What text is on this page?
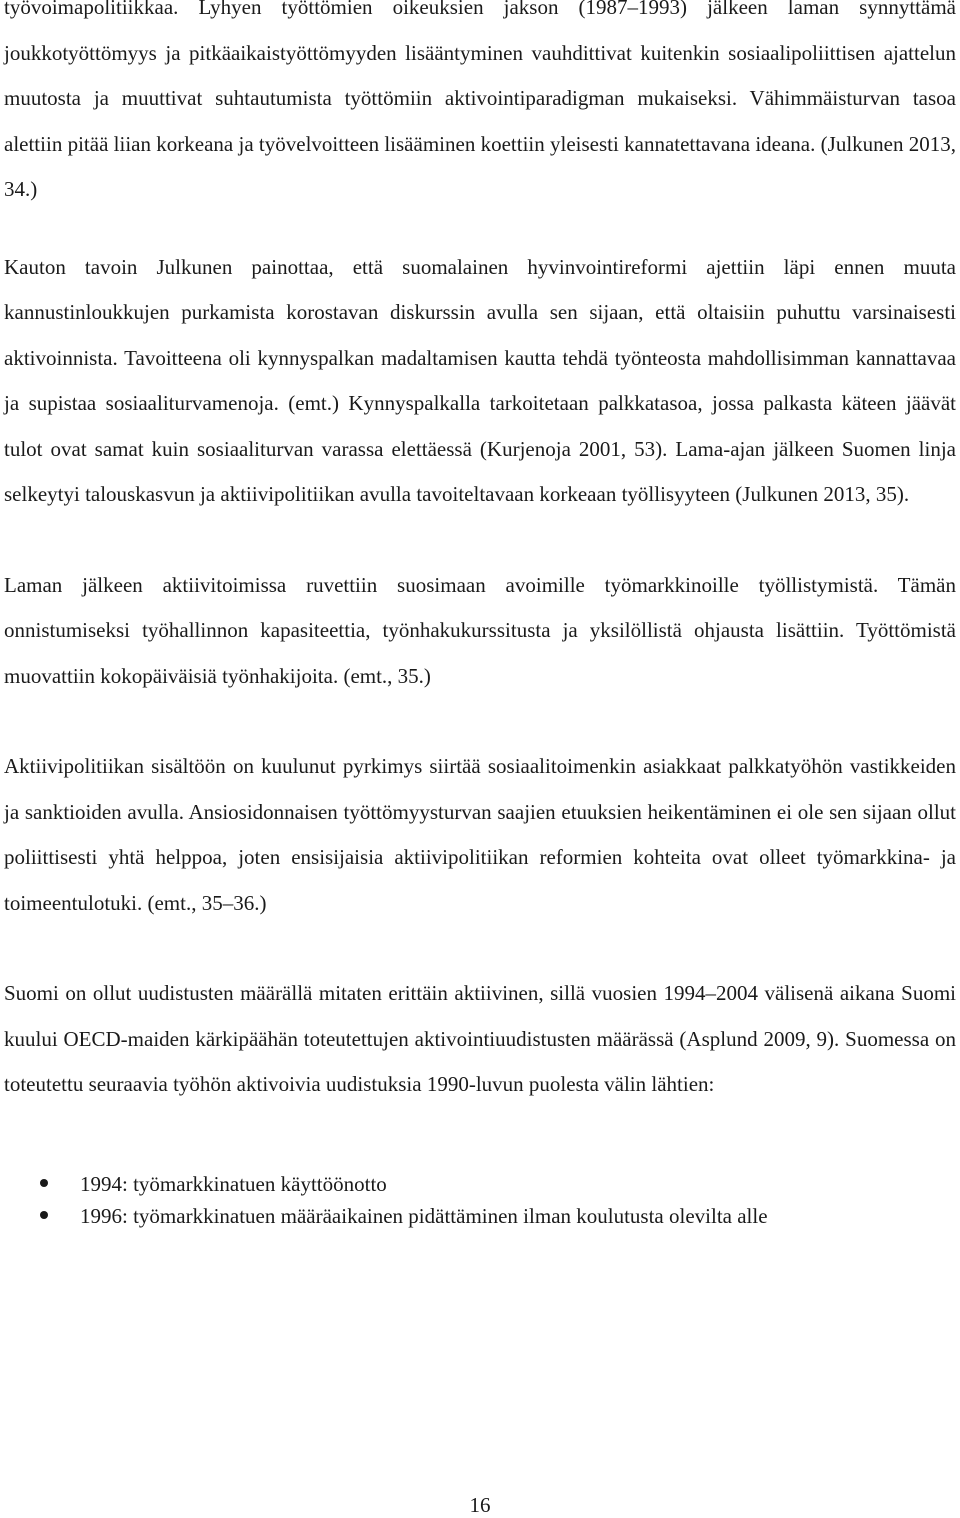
työvoimapolitiikkaa. Lyhyen työttömien oikeuksien jakson (1987–1993) jälkeen laman synnyttämä joukkotyöttömyys ja pitkäaikaistyöttömyyden lisääntyminen vauhdittivat kuitenkin sosiaalipoliittisen ajattelun muutosta ja muuttivat suhtautumista työttömiin aktivointiparadigman mukaiseksi. Vähimmäisturvan tasoa alettiin pitää liian korkeana ja työvelvoitteen lisääminen koettiin yleisesti kannatettavana ideana. (Julkunen 2013, 34.)

Kauton tavoin Julkunen painottaa, että suomalainen hyvinvointireformi ajettiin läpi ennen muuta kannustinloukkujen purkamista korostavan diskurssin avulla sen sijaan, että oltaisiin puhuttu varsinaisesti aktivoinnista. Tavoitteena oli kynnyspalkan madaltamisen kautta tehdä työnteosta mahdollisimman kannattavaa ja supistaa sosiaaliturvamenoja. (emt.) Kynnyspalkalla tarkoitetaan palkkatasoa, jossa palkasta käteen jäävät tulot ovat samat kuin sosiaaliturvan varassa elettäessä (Kurjenoja 2001, 53). Lama-ajan jälkeen Suomen linja selkeytyi talouskasvun ja aktiivipolitiikan avulla tavoiteltavaan korkeaan työllisyyteen (Julkunen 2013, 35).

Laman jälkeen aktiivitoimissa ruvettiin suosimaan avoimille työmarkkinoille työllistymistä. Tämän onnistumiseksi työhallinnon kapasiteettia, työnhakukurssitusta ja yksilöllistä ohjausta lisättiin. Työttömistä muovattiin kokopäiväisiä työnhakijoita. (emt., 35.)

Aktiivipolitiikan sisältöön on kuulunut pyrkimys siirtää sosiaalitoimenkin asiakkaat palkkatyöhön vastikkeiden ja sanktioiden avulla. Ansiosidonnaisen työttömyysturvan saajien etuuksien heikentäminen ei ole sen sijaan ollut poliittisesti yhtä helppoa, joten ensisijaisia aktiivipolitiikan reformien kohteita ovat olleet työmarkkina- ja toimeentulotuki. (emt., 35–36.)

Suomi on ollut uudistusten määrällä mitaten erittäin aktiivinen, sillä vuosien 1994–2004 välisenä aikana Suomi kuului OECD-maiden kärkipäähän toteutettujen aktivointiuudistusten määrässä (Asplund 2009, 9). Suomessa on toteutettu seuraavia työhön aktivoivia uudistuksia 1990-luvun puolesta välin lähtien:

1994: työmarkkinatuen käyttöönotto
1996: työmarkkinatuen määräaikainen pidättäminen ilman koulutusta olevilta alle
16
